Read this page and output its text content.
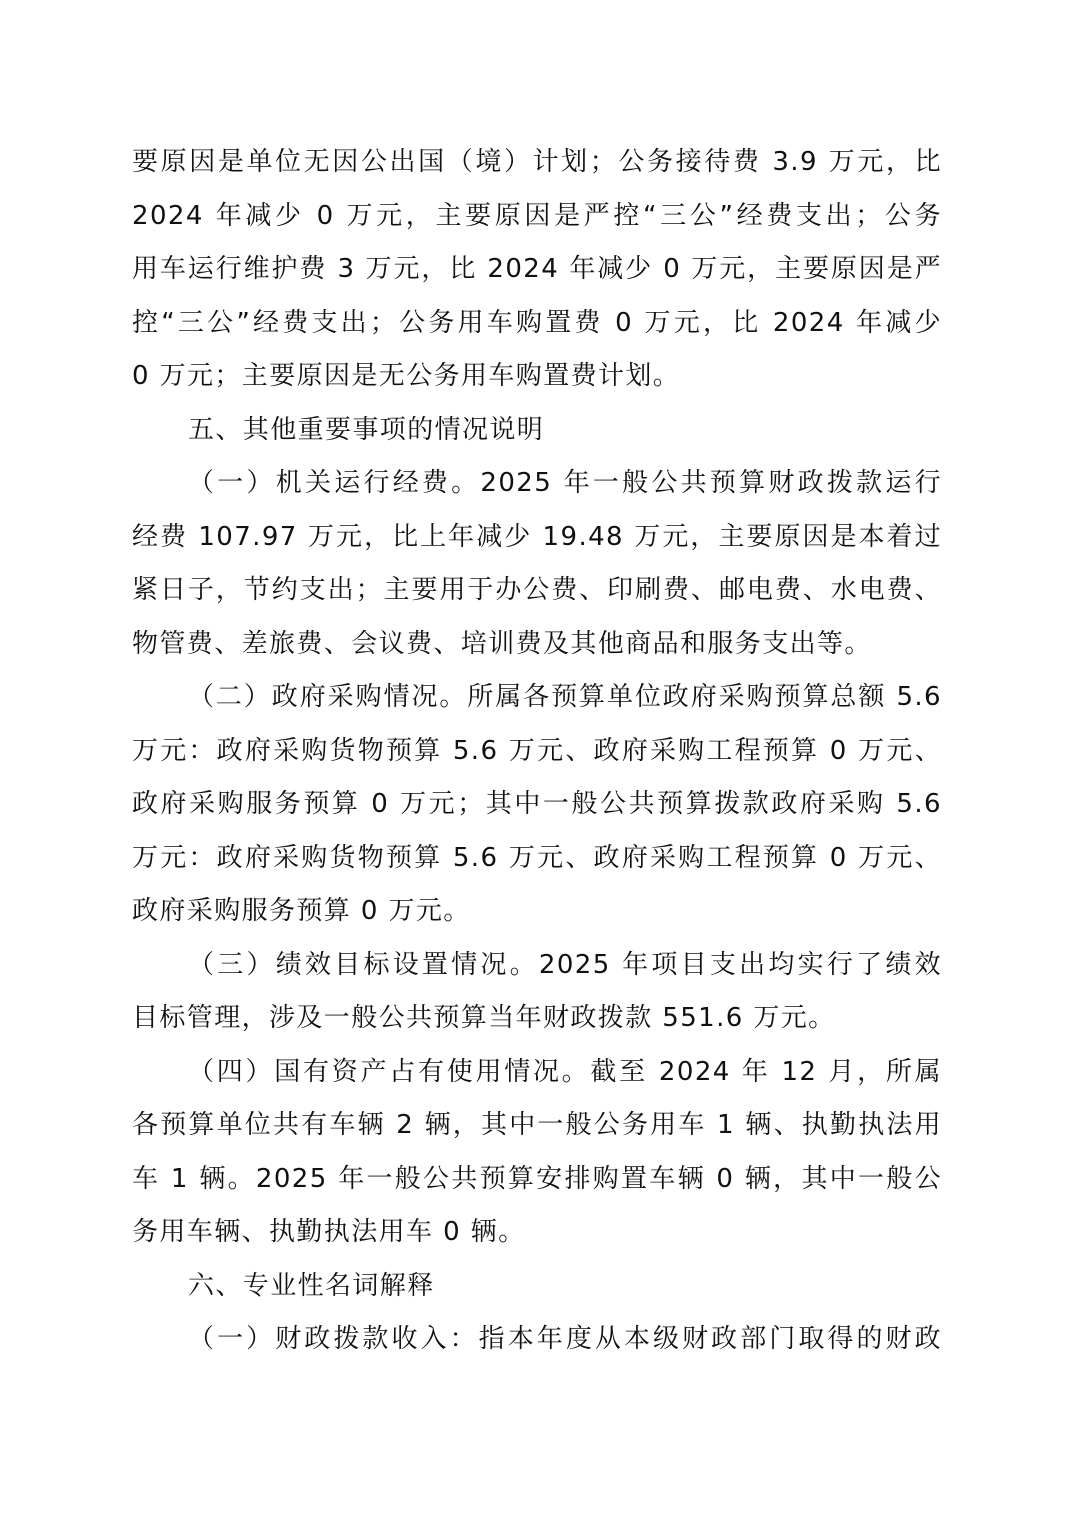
要原因是单位无因公出国（境）计划；公务接待费 3.9 万元，比
2024 年减少 0 万元，主要原因是严控“三公”经费支出；公务
用车运行维护费 3 万元，比 2024 年减少 0 万元，主要原因是严
控“三公”经费支出；公务用车购置费 0 万元，比 2024 年减少
0 万元；主要原因是无公务用车购置费计划。
五、其他重要事项的情况说明
（一）机关运行经费。2025 年一般公共预算财政拨款运行
经费 107.97 万元，比上年减少 19.48 万元，主要原因是本着过
紧日子，节约支出；主要用于办公费、印刷费、邮电费、水电费、
物管费、差旅费、会议费、培训费及其他商品和服务支出等。
（二）政府采购情况。所属各预算单位政府采购预算总额 5.6
万元：政府采购货物预算 5.6 万元、政府采购工程预算 0 万元、
政府采购服务预算 0 万元；其中一般公共预算拨款政府采购 5.6
万元：政府采购货物预算 5.6 万元、政府采购工程预算 0 万元、
政府采购服务预算 0 万元。
（三）绩效目标设置情况。2025 年项目支出均实行了绩效
目标管理，涉及一般公共预算当年财政拨款 551.6 万元。
（四）国有资产占有使用情况。截至 2024 年 12 月，所属
各预算单位共有车辆 2 辆，其中一般公务用车 1 辆、执勤执法用
车 1 辆。2025 年一般公共预算安排购置车辆 0 辆，其中一般公
务用车辆、执勤执法用车 0 辆。
六、专业性名词解释
（一）财政拨款收入：指本年度从本级财政部门取得的财政
